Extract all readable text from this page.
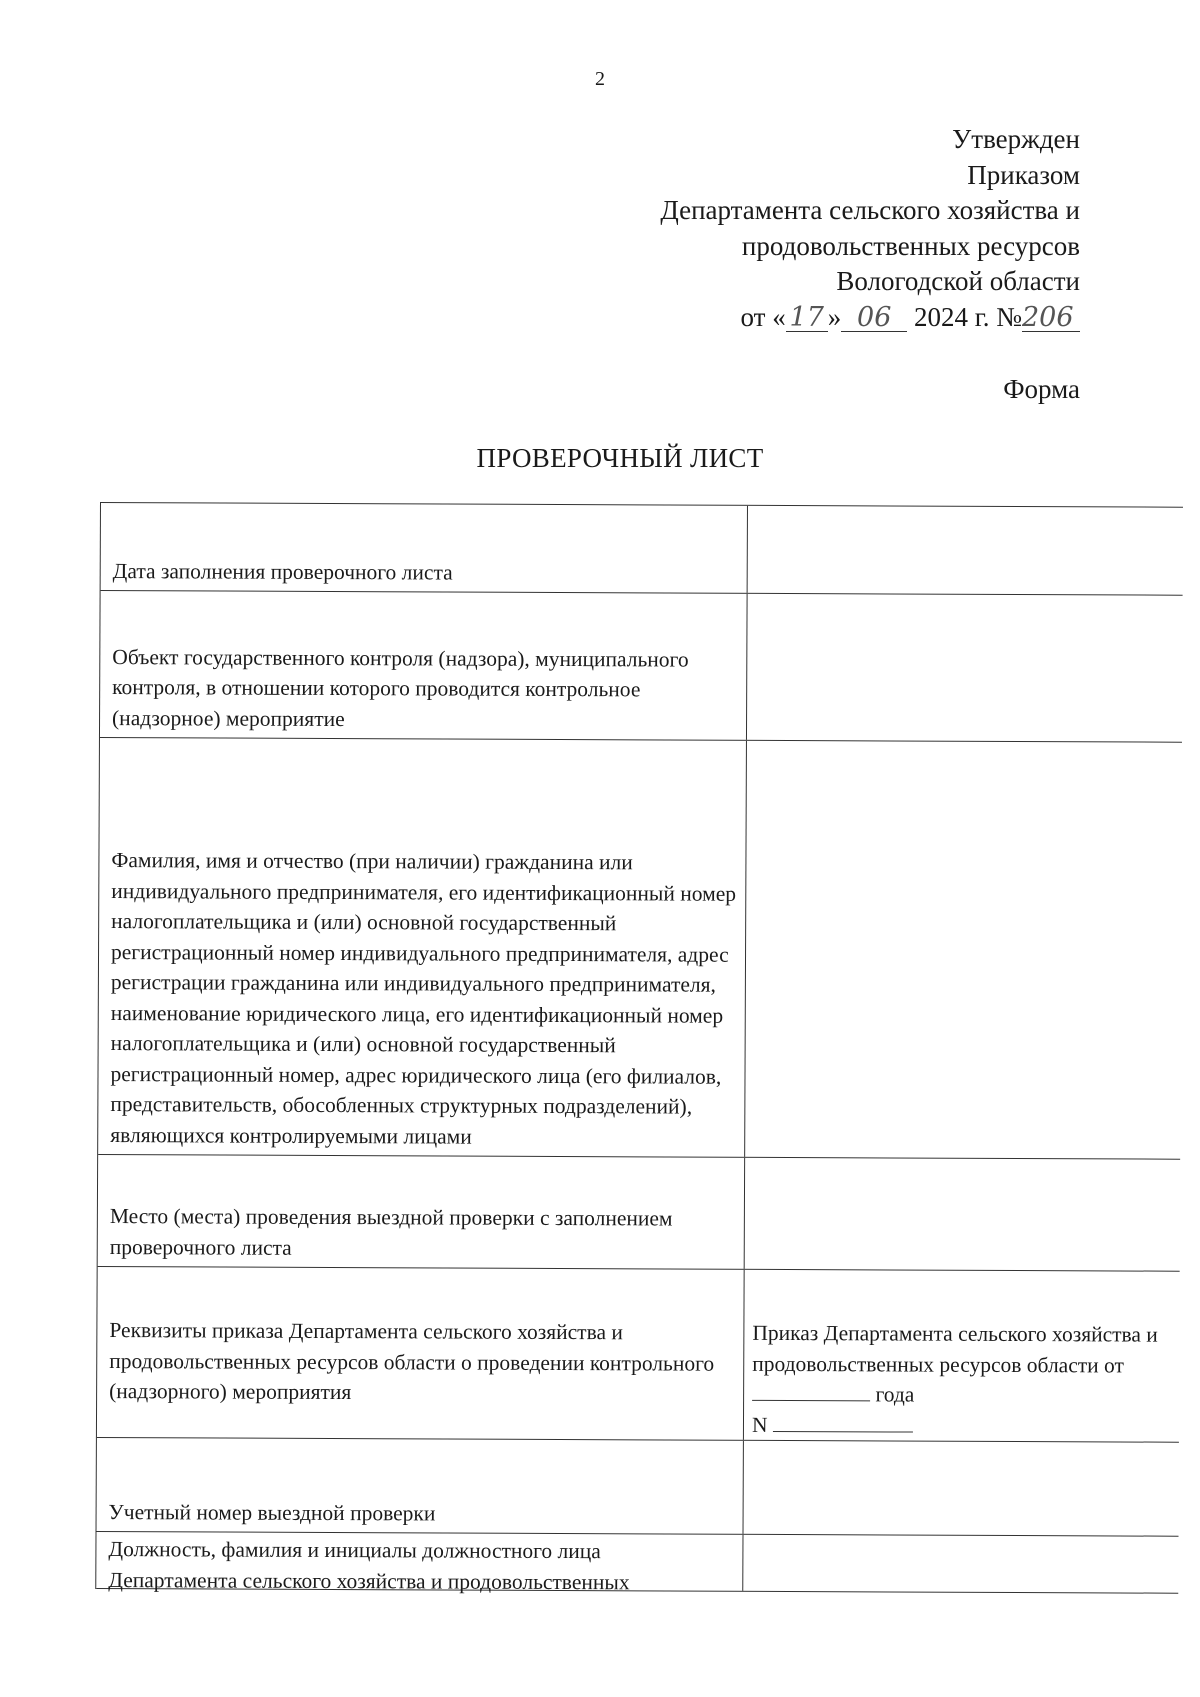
2
Утвержден
Приказом
Департамента сельского хозяйства и
продовольственных ресурсов
Вологодской области
от « 17 » 06 2024 г. №206
Форма
ПРОВЕРОЧНЫЙ ЛИСТ
Дата заполнения проверочного листа
Объект государственного контроля (надзора), муниципального контроля, в отношении которого проводится контрольное (надзорное) мероприятие
Фамилия, имя и отчество (при наличии) гражданина или индивидуального предпринимателя, его идентификационный номер налогоплательщика и (или) основной государственный регистрационный номер индивидуального предпринимателя, адрес регистрации гражданина или индивидуального предпринимателя, наименование юридического лица, его идентификационный номер налогоплательщика и (или) основной государственный регистрационный номер, адрес юридического лица (его филиалов, представительств, обособленных структурных подразделений), являющихся контролируемыми лицами
Место (места) проведения выездной проверки с заполнением проверочного листа
Реквизиты приказа Департамента сельского хозяйства и продовольственных ресурсов области о проведении контрольного (надзорного) мероприятия
Приказ Департамента сельского хозяйства и продовольственных ресурсов области от  года
N
Учетный номер выездной проверки
Должность, фамилия и инициалы должностного лица Департамента сельского хозяйства и продовольственных
